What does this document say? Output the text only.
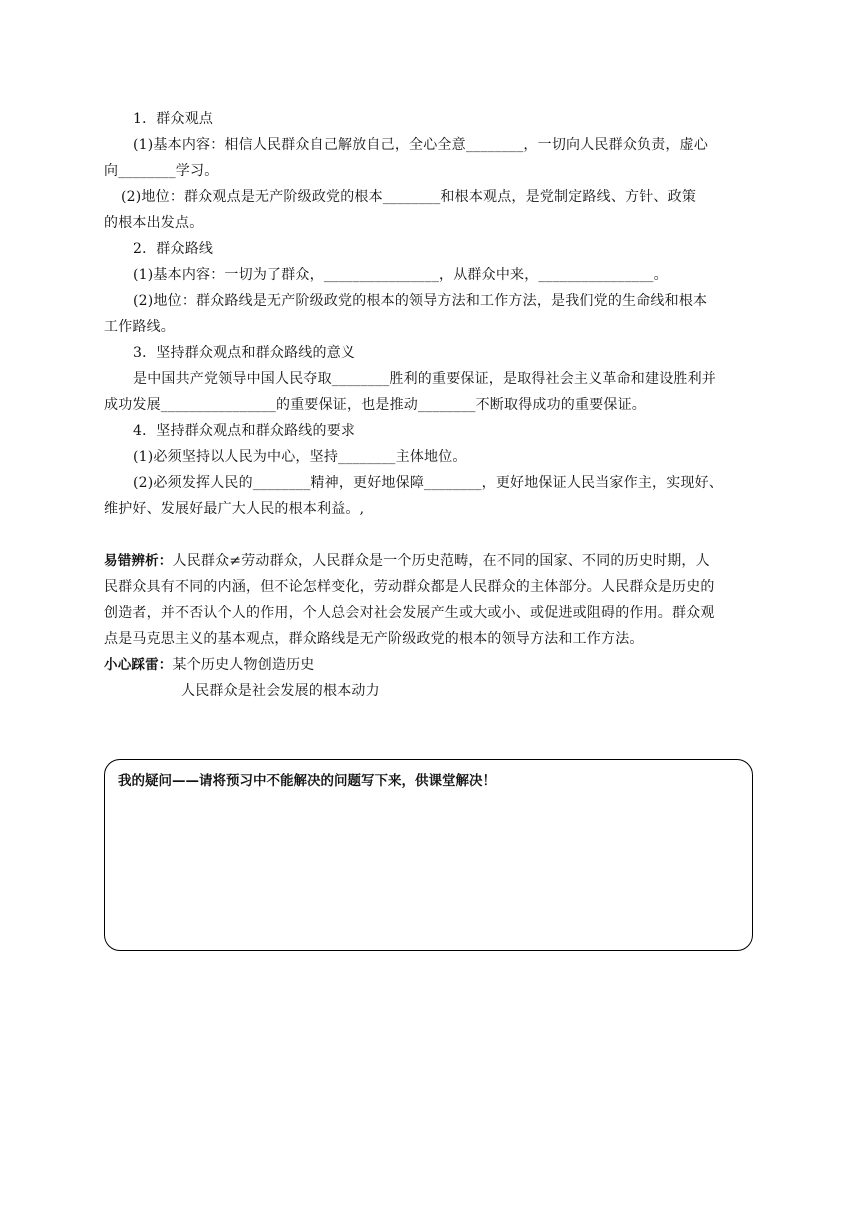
1．群众观点
(1)基本内容：相信人民群众自己解放自己，全心全意________，一切向人民群众负责，虚心
向________学习。
(2)地位：群众观点是无产阶级政党的根本________和根本观点，是党制定路线、方针、政策
的根本出发点。
2．群众路线
(1)基本内容：一切为了群众，________________，从群众中来，________________。
(2)地位：群众路线是无产阶级政党的根本的领导方法和工作方法，是我们党的生命线和根本
工作路线。
3．坚持群众观点和群众路线的意义
是中国共产党领导中国人民夺取________胜利的重要保证，是取得社会主义革命和建设胜利并
成功发展________________的重要保证，也是推动________不断取得成功的重要保证。
4．坚持群众观点和群众路线的要求
(1)必须坚持以人民为中心，坚持________主体地位。
(2)必须发挥人民的________精神，更好地保障________，更好地保证人民当家作主，实现好、
维护好、发展好最广大人民的根本利益。,
易错辨析：人民群众≠劳动群众，人民群众是一个历史范畴，在不同的国家、不同的历史时期，人
民群众具有不同的内涵，但不论怎样变化，劳动群众都是人民群众的主体部分。人民群众是历史的
创造者，并不否认个人的作用，个人总会对社会发展产生或大或小、或促进或阻碍的作用。群众观
点是马克思主义的基本观点，群众路线是无产阶级政党的根本的领导方法和工作方法。
小心踩雷：某个历史人物创造历史
人民群众是社会发展的根本动力
我的疑问——请将预习中不能解决的问题写下来，供课堂解决！
